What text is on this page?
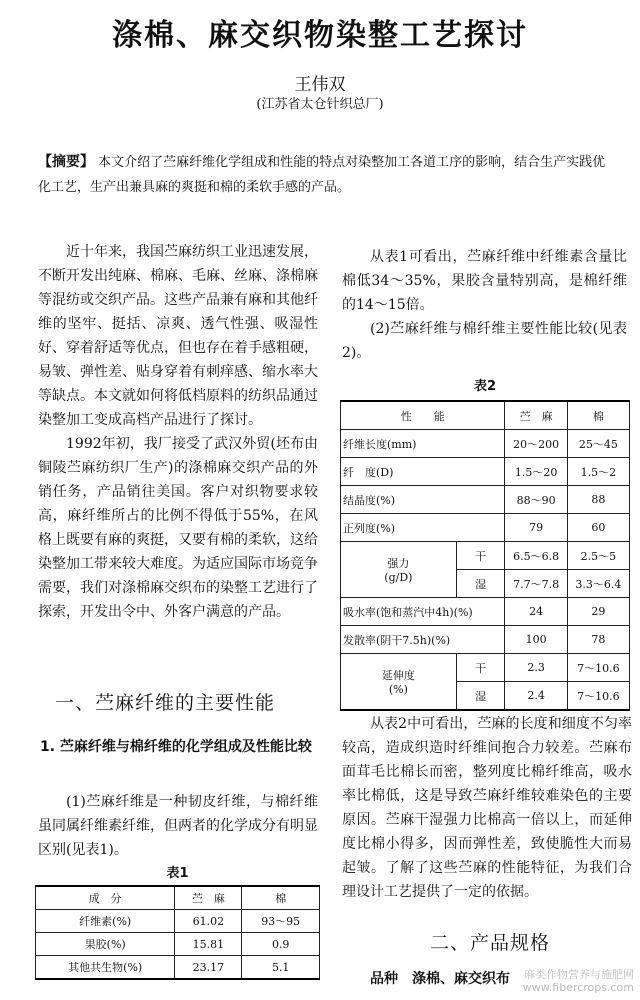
涤棉、麻交织物染整工艺探讨
王伟双
(江苏省太仓针织总厂)
【摘要】 本文介绍了苎麻纤维化学组成和性能的特点对染整加工各道工序的影响，结合生产实践优化工艺，生产出兼具麻的爽挺和棉的柔软手感的产品。

近十年来，我国苎麻纺织工业迅速发展，不断开发出纯麻、棉麻、毛麻、丝麻、涤棉麻等混纺或交织产品。这些产品兼有麻和其他纤维的坚牢、挺括、凉爽、透气性强、吸湿性好、穿着舒适等优点，但也存在着手感粗硬，易皱、弹性差、贴身穿着有刺痒感、缩水率大等缺点。本文就如何将低档原料的纺织品通过染整加工变成高档产品进行了探讨。

1992年初，我厂接受了武汉外贸(坯布由铜陵苎麻纺织厂生产)的涤棉麻交织产品的外销任务，产品销往美国。客户对织物要求较高，麻纤维所占的比例不得低于55%，在风格上既要有麻的爽挺，又要有棉的柔软，这给染整加工带来较大难度。为适应国际市场竞争需要，我们对涤棉麻交织布的染整工艺进行了探索，开发出令中、外客户满意的产品。

一、苎麻纤维的主要性能
1. 苎麻纤维与棉纤维的化学组成及性能比较

(1)苎麻纤维是一种韧皮纤维，与棉纤维虽同属纤维素纤维，但两者的化学成分有明显区别(见表1)。

表1
成　分	苎　麻	棉
纤维素(%)	61.02	93～95
果胶(%)	15.81	0.9
其他共生物(%)	23.17	5.1

从表1可看出，苎麻纤维中纤维素含量比棉低34～35%，果胶含量特别高，是棉纤维的14～15倍。

(2)苎麻纤维与棉纤维主要性能比较(见表2)。

表2
性　　能		苎　麻	棉
纤维长度(mm)		20～200	25～45
纤　度(D)		1.5～20	1.5～2
结晶度(%)		88～90	88
正列度(%)		79	60
强力
(g/D)	干	6.5～6.8	2.5～5
	湿	7.7～7.8	3.3～6.4
吸水率(饱和蒸汽中4h)(%)		24	29
发散率(阴干7.5h)(%)		100	78
延伸度
(%)	干	2.3	7～10.6
	湿	2.4	7～10.6

从表2中可看出，苎麻的长度和细度不匀率较高，造成织造时纤维间抱合力较差。苎麻布面茸毛比棉长而密，整列度比棉纤维高，吸水率比棉低，这是导致苎麻纤维较难染色的主要原因。苎麻干湿强力比棉高一倍以上，而延伸度比棉小得多，因而弹性差，致使脆性大而易起皱。了解了这些苎麻的性能特征，为我们合理设计工艺提供了一定的依据。

二、产品规格
品种　涤棉、麻交织布 麻类作物营养与施肥网
www.fibercrops.com
